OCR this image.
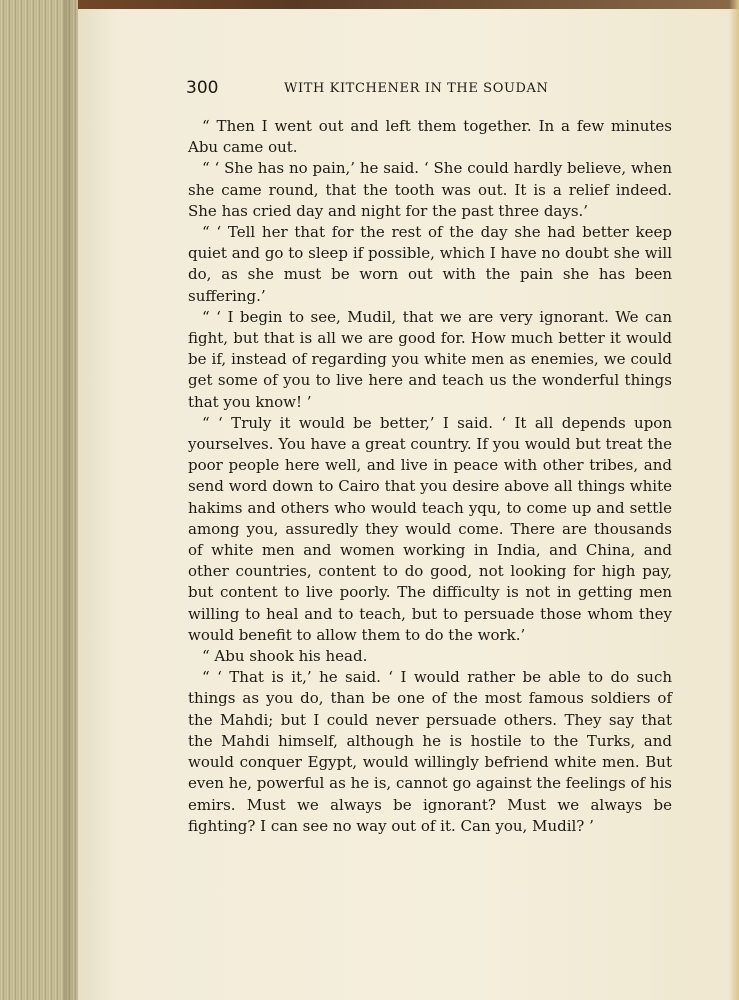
300	WITH KITCHENER IN THE SOUDAN

“ Then I went out and left them together. In a few minutes Abu came out.

“ ‘ She has no pain,’ he said. ‘ She could hardly believe, when she came round, that the tooth was out. It is a relief indeed. She has cried day and night for the past three days.’

“ ‘ Tell her that for the rest of the day she had better keep quiet and go to sleep if possible, which I have no doubt she will do, as she must be worn out with the pain she has been suffering.’

“ ‘ I begin to see, Mudil, that we are very ignorant. We can fight, but that is all we are good for. How much better it would be if, instead of regarding you white men as enemies, we could get some of you to live here and teach us the wonderful things that you know! ’

“ ‘ Truly it would be better,’ I said. ‘ It all depends upon yourselves. You have a great country. If you would but treat the poor people here well, and live in peace with other tribes, and send word down to Cairo that you desire above all things white hakims and others who would teach yqu, to come up and settle among you, assuredly they would come. There are thousands of white men and women working in India, and China, and other countries, content to do good, not looking for high pay, but content to live poorly. The difficulty is not in getting men willing to heal and to teach, but to persuade those whom they would benefit to allow them to do the work.’

“ Abu shook his head.

“ ‘ That is it,’ he said. ‘ I would rather be able to do such things as you do, than be one of the most famous soldiers of the Mahdi; but I could never persuade others. They say that the Mahdi himself, although he is hostile to the Turks, and would conquer Egypt, would willingly befriend white men. But even he, powerful as he is, cannot go against the feelings of his emirs. Must we always be ignorant? Must we always be fighting? I can see no way out of it. Can you, Mudil? ’
